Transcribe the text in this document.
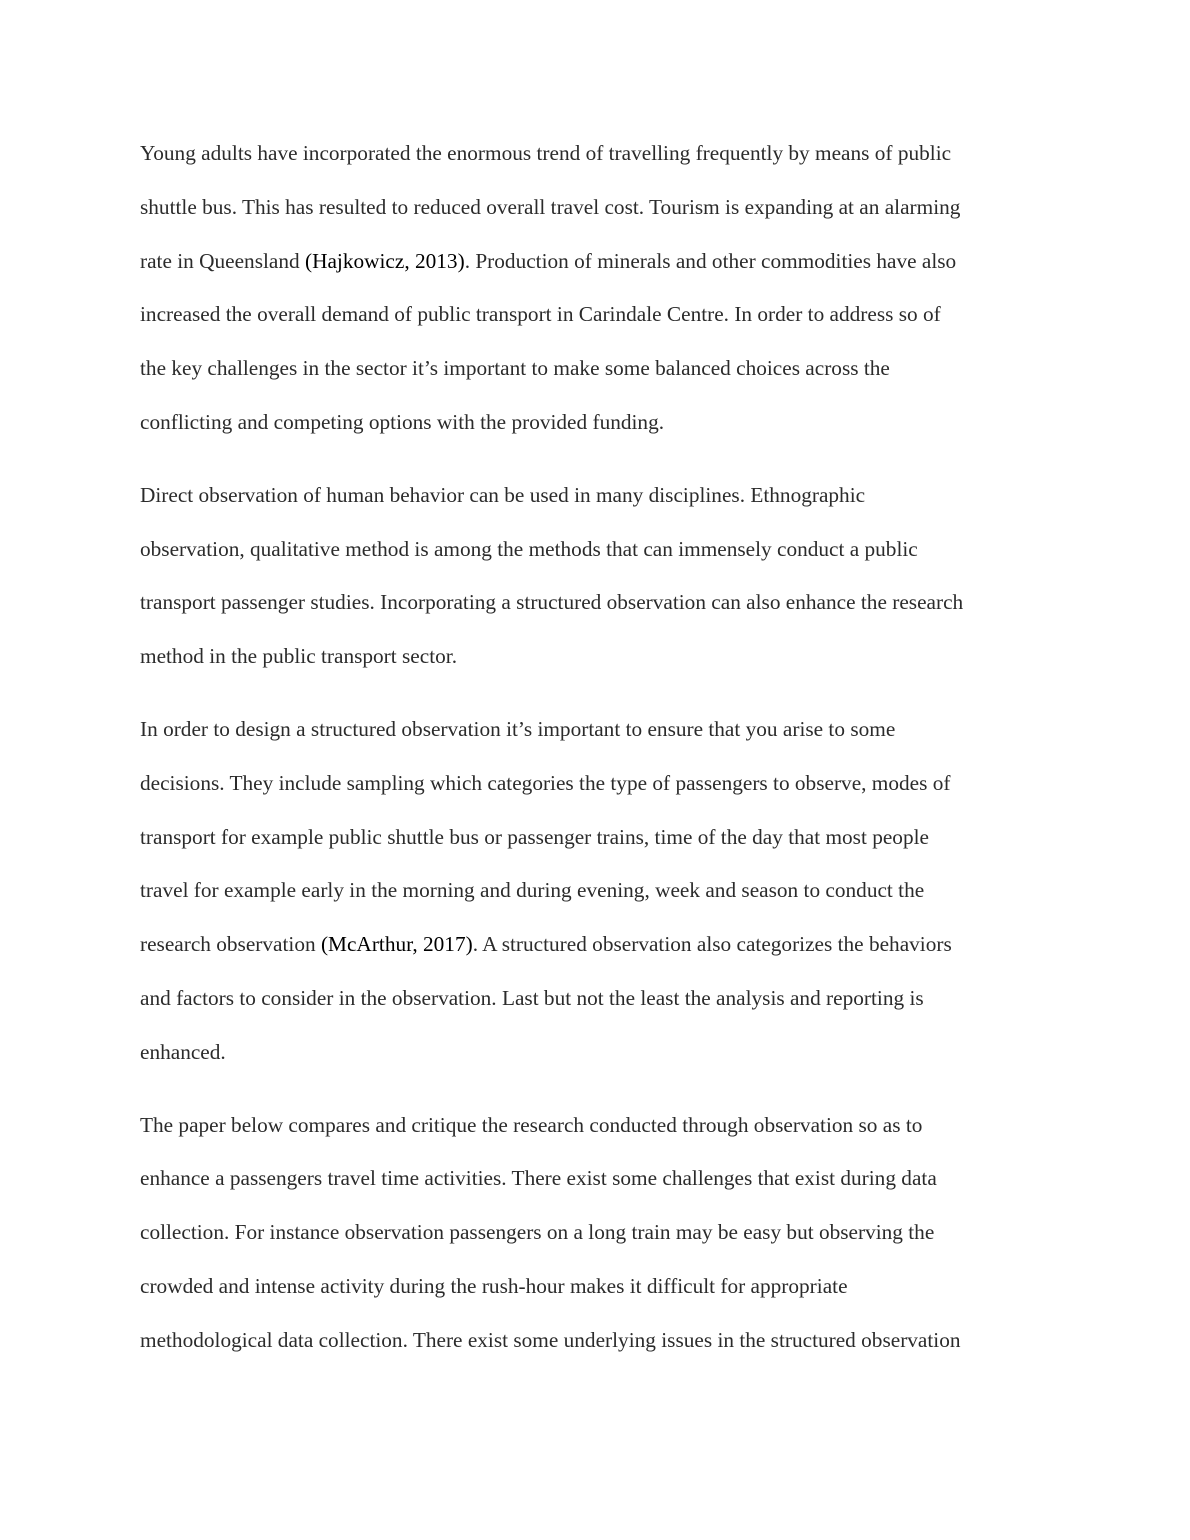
Young adults have incorporated the enormous trend of travelling frequently by means of public
shuttle bus. This has resulted to reduced overall travel cost. Tourism is expanding at an alarming
rate in Queensland (Hajkowicz, 2013). Production of minerals and other commodities have also
increased the overall demand of public transport in Carindale Centre. In order to address so of
the key challenges in the sector it’s important to make some balanced choices across the
conflicting and competing options with the provided funding.
Direct observation of human behavior can be used in many disciplines. Ethnographic
observation, qualitative method is among the methods that can immensely conduct a public
transport passenger studies. Incorporating a structured observation can also enhance the research
method in the public transport sector.
In order to design a structured observation it’s important to ensure that you arise to some
decisions. They include sampling which categories the type of passengers to observe, modes of
transport for example public shuttle bus or passenger trains, time of the day that most people
travel for example early in the morning and during evening, week and season to conduct the
research observation (McArthur, 2017). A structured observation also categorizes the behaviors
and factors to consider in the observation. Last but not the least the analysis and reporting is
enhanced.
The paper below compares and critique the research conducted through observation so as to
enhance a passengers travel time activities. There exist some challenges that exist during data
collection. For instance observation passengers on a long train may be easy but observing the
crowded and intense activity during the rush-hour makes it difficult for appropriate
methodological data collection. There exist some underlying issues in the structured observation
